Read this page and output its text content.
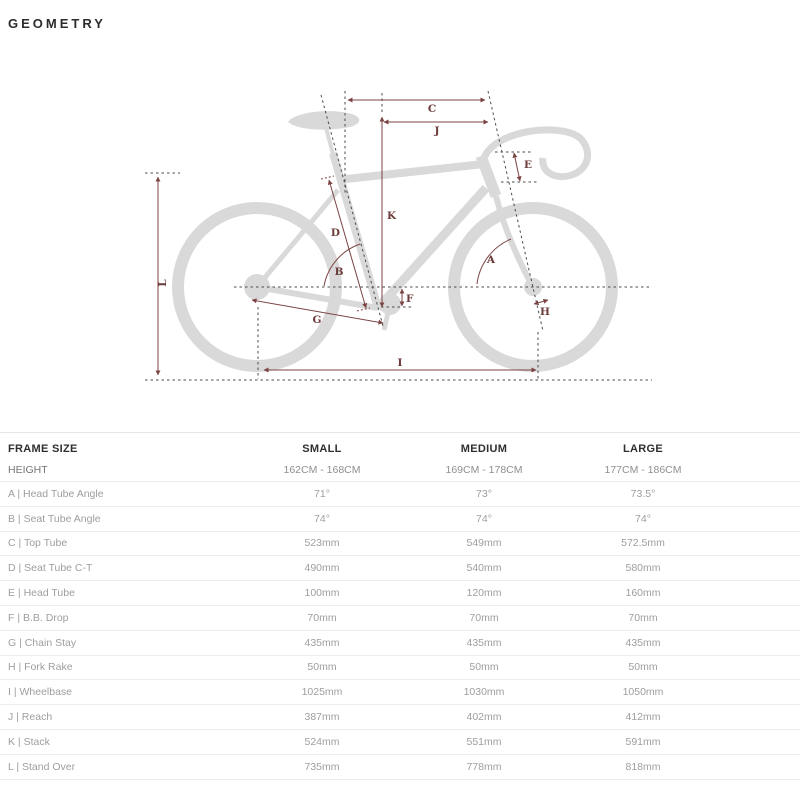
GEOMETRY
C
J
K
D
E
A
B
F
G
H
I
L
FRAME SIZE	SMALL	MEDIUM	LARGE
HEIGHT	162CM - 168CM	169CM - 178CM	177CM - 186CM
A | Head Tube Angle	71°	73°	73.5°
B | Seat Tube Angle	74°	74°	74°
C | Top Tube	523mm	549mm	572.5mm
D | Seat Tube C-T	490mm	540mm	580mm
E | Head Tube	100mm	120mm	160mm
F | B.B. Drop	70mm	70mm	70mm
G | Chain Stay	435mm	435mm	435mm
H | Fork Rake	50mm	50mm	50mm
I | Wheelbase	1025mm	1030mm	1050mm
J | Reach	387mm	402mm	412mm
K | Stack	524mm	551mm	591mm
L | Stand Over	735mm	778mm	818mm
